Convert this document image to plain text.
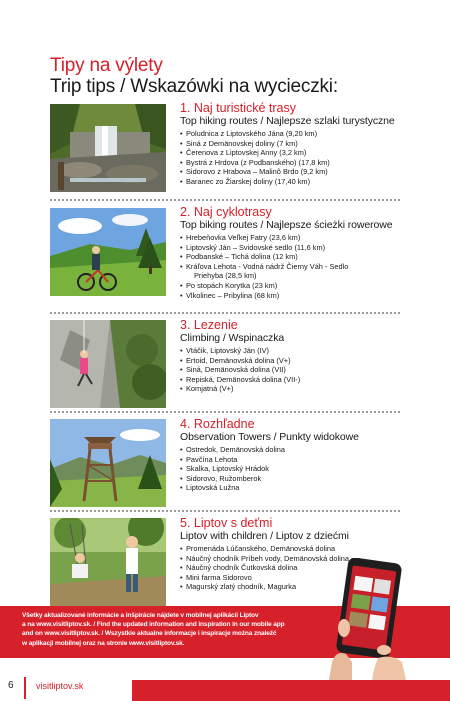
Tipy na výlety
Trip tips / Wskazówki na wycieczki:
1. Naj turistické trasy
Top hiking routes / Najlepsze szlaki turystyczne
• Poludnica z Liptovského Jána (9,20 km)
• Siná z Demänovskej doliny (7 km)
• Čerenova z Liptovskej Anny (3,2 km)
• Bystrá z Hrdova (z Podbanského) (17,8 km)
• Sidorovo z Hrabova – Malinô Brdo (9,2 km)
• Baranec zo Žiarskej doliny (17,40 km)
2. Naj cyklotrasy
Top biking routes / Najlepsze ścieżki rowerowe
• Hrebeňovka Veľkej Fatry (23,6 km)
• Liptovský Ján – Svidovské sedlo (11,6 km)
• Podbanské – Tichá dolina (12 km)
• Kráľova Lehota - Vodná nádrž Čierny Váh - Sedlo
Priehyba (28,5 km)
• Po stopách Korytka (23 km)
• Vlkolinec – Pribylina (68 km)
3. Lezenie
Climbing / Wspinaczka
• Vtáčik, Liptovský Ján (IV)
• Ertoid, Demänovská dolina (V+)
• Siná, Demänovská dolina (VII)
• Repiská, Demänovská dolina (VII-)
• Komjatná (V+)
4. Rozhľadne
Observation Towers / Punkty widokowe
• Ostredok, Demänovská dolina
• Pavčína Lehota
• Skalka, Liptovský Hrádok
• Sidorovo, Ružomberok
• Liptovská Lužna
5. Liptov s deťmi
Liptov with children / Liptov z dziećmi
• Promenáda Lúčanského, Demänovská dolina
• Náučný chodník Príbeh vody, Demänovská dolina
• Náučný chodník Čutkovská dolina
• Mini farma Sidorovo
• Magurský zlatý chodník, Magurka
Všetky aktualizované informácie a inšpirácie nájdete v mobilnej aplikácii Liptov
a na www.visitliptov.sk. / Find the updated information and inspiration in our mobile app
and on www.visitliptov.sk. / Wszystkie aktualne informacje i inspiracje można znaleźć
w aplikacji mobilnej oraz na stronie www.visitliptov.sk.
6 visitliptov.sk
